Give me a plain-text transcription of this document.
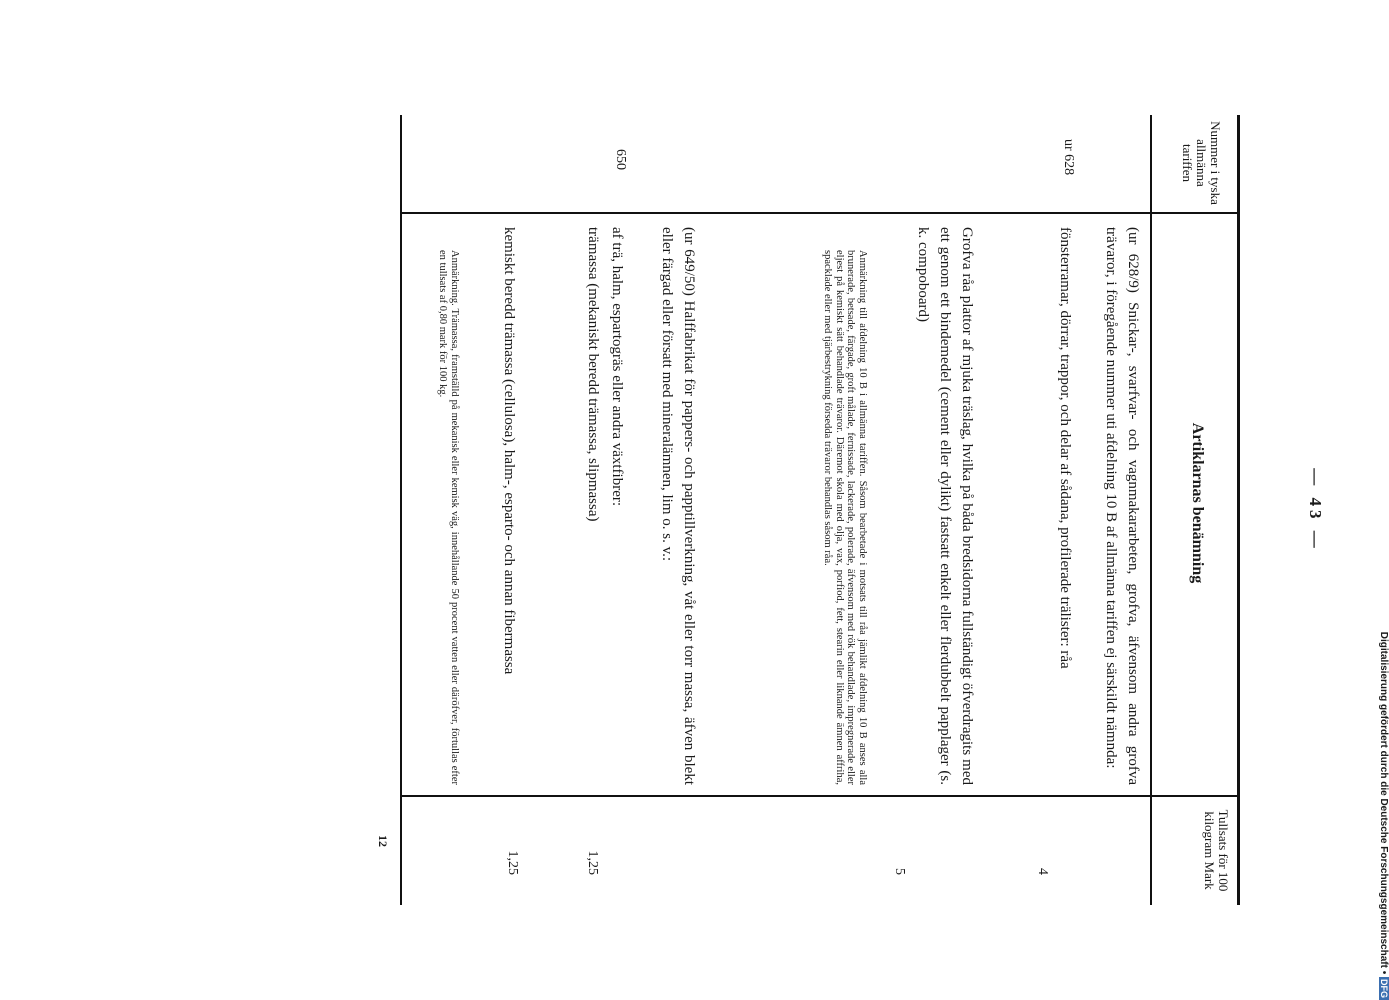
Nummer i tyska allmänna tariffen
Artiklarnas benämning
Tullsats för 100 kilogram Mark
(ur 628/9) Snickar-, svarfvar- och vagnmakararbeten, grofva, äfvensom andra grofva trävaror, i föregående nummer uti afdelning 10 B af allmänna tariffen ej särskildt nämnda:
ur 628
fönsterramar, dörrar, trappor, och delar af sådana, profilerade trälister: råa
4
Grofva råa plattor af mjuka träslag, hvilka på båda bredsidorna fullständigt öfverdragits med ett genom ett bindemedel (cement eller dylikt) fastsatt enkelt eller flerdubbelt papplager (s. k. compoboard)
5
Anmärkning till afdelning 10 B i allmänna tariffen. Såsom bearbetade i motsats till råa jämlikt afdelning 10 B anses alla brunerade, betsade, färgade, groft målade, fernissade, lackerade, polerade, äfvensom med rök behandlade, impregnerade eller eljest på kemiskt sätt behandlade trävaror. Däremot skola med olja, vax, porfiod, fett, stearin eller liknande ämnen affriha, spacklade eller med tjärbestrykning försedda trävaror behandlas såsom råa.
(ur 649/50) Halffabrikat för pappers- och papptillverkning, våt eller torr massa, äfven blekt eller färgad eller försatt med mineralämnen, lim o. s. v.:
650
af trä, halm, espartogräs eller andra växtfibrer:
trämassa (mekaniskt beredd trämassa, slipmassa)
1,25
kemiskt beredd trämassa (cellulosa), halm-, esparto- och annan fibermassa
1,25
Anmärkning. Trämassa, framställd på mekanisk eller kemisk väg, innehållande 50 procent vatten eller däröfver, förtullas efter en tullsats af 0,80 mark för 100 kg.
12
— 43 —
Digitalisierung gefördert durch die Deutsche Forschungsgemeinschaft • DFG
